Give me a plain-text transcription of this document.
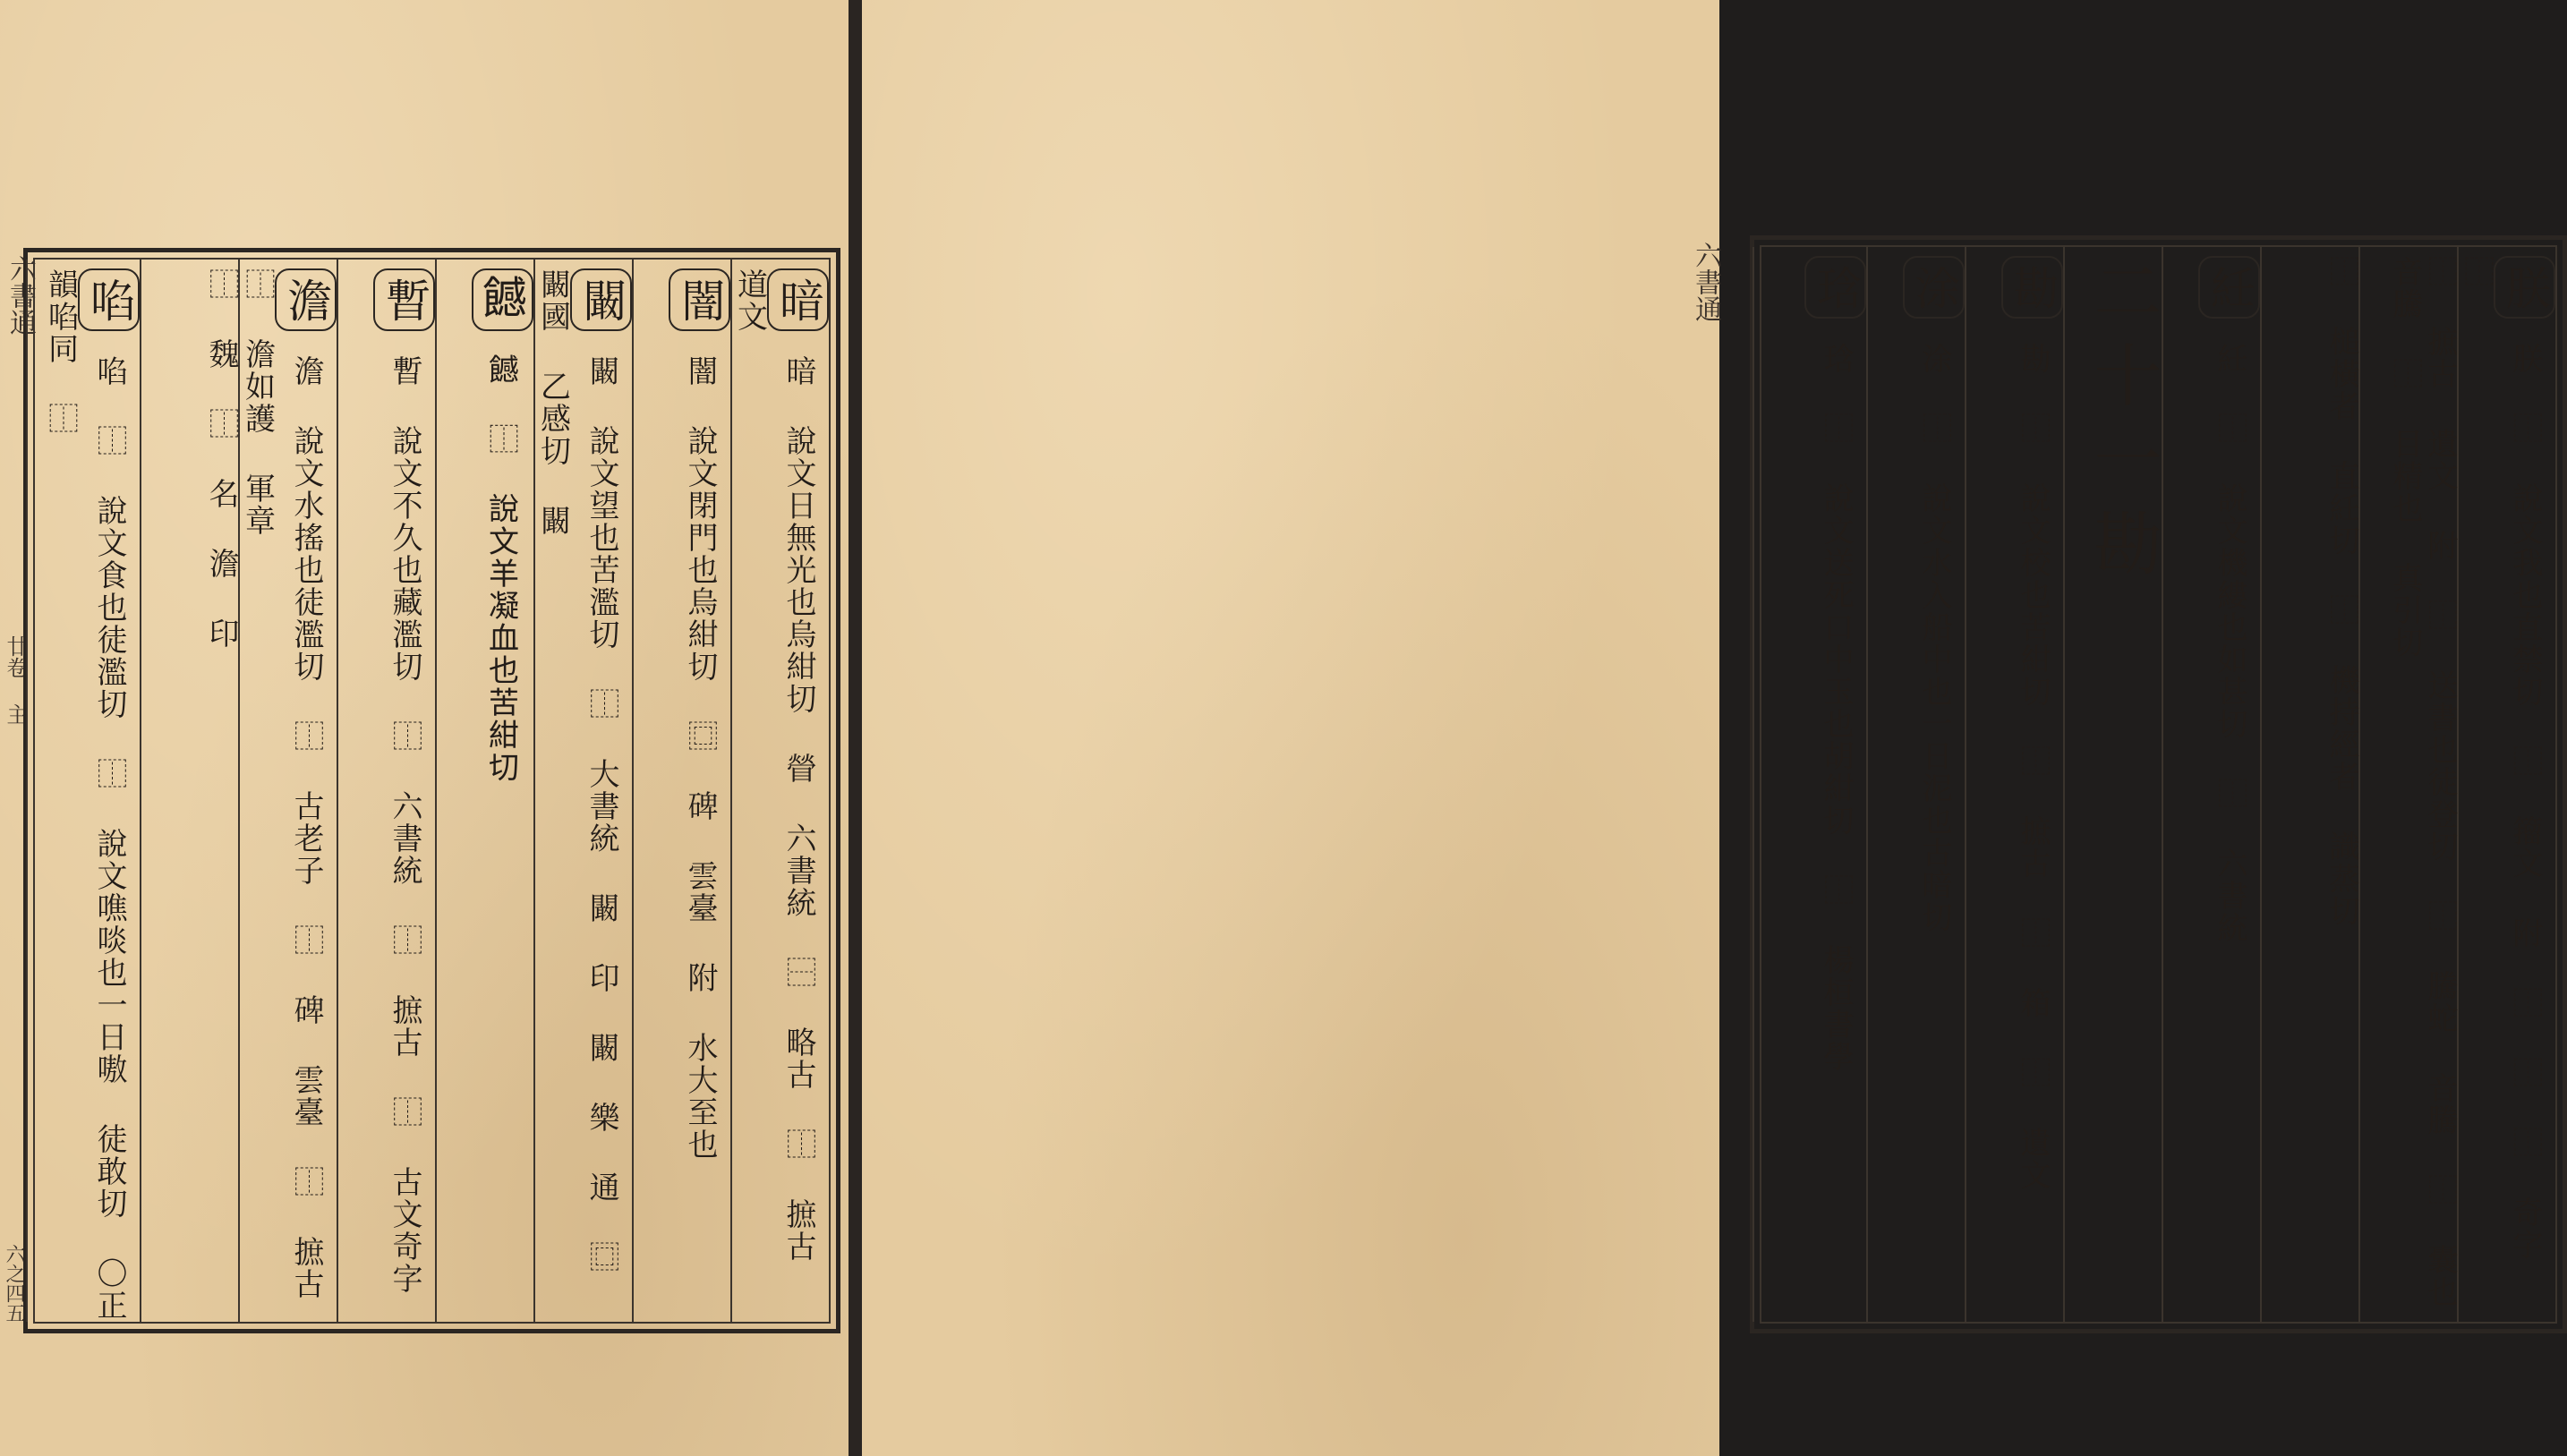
六書通
廿卷 主
六之四五
暗 暗 說文日無光也烏紺切 䁝 六書統 ⿱ 略古 ⿰ 摭古 道文
闇 闇 說文閉門也烏紺切 ⿴ 碑 雲臺 附 水大至也
闞 闞 說文望也苦濫切 ⿰ 大書統 闞 印 闞 樂 通 ⿴ 闞國 乙感切 闞
𩞿 𩞿 ⿰ 說文羊凝血也苦紺切
暫 暫 說文不久也藏濫切 ⿰ 六書統 ⿰ 摭古 ⿰ 古文奇字
澹 澹 說文水搖也徒濫切 ⿰ 古老子 ⿰ 碑 雲臺 ⿰ 摭古 ⿰ 澹如護 軍章
⿰ 魏 ⿰ 名 澹 印
啗 啗 ⿰ 說文食也徒濫切 ⿰ 說文噍啖也一日嗷 徒敢切 〇正韻啗同 ⿰	六書通	朕 朕 ⿰ 說文我也直禁切 ⿰ 籀文 附 ⿰ ⿰ ⿰ 奇字 ⿰
⿰ 摭古 遺文 附 ⿰ 送書也徒登切 ⿰ 騰蛇 音騰 ⿰ 囊也 音騰 ⿰ 目精也 真引切
⿰ 槌橫者 直紝切 ⿰ 機持經者 識蒸切
紝 紝 ⿰ 說文機縷也如甚切 ⿰ 六書統
二十一勘
勘 勘 ⿰ 說文校也苦紺切 ⿰ 摭古 ⿰ 箱 ⿰ 遺文
涂 涂 ⿰ 說文水入船中也一日泥也古暗切
琀 琀 ⿰ 說文送死口中玉也胡紺切 ⿰ 楊桓書學
